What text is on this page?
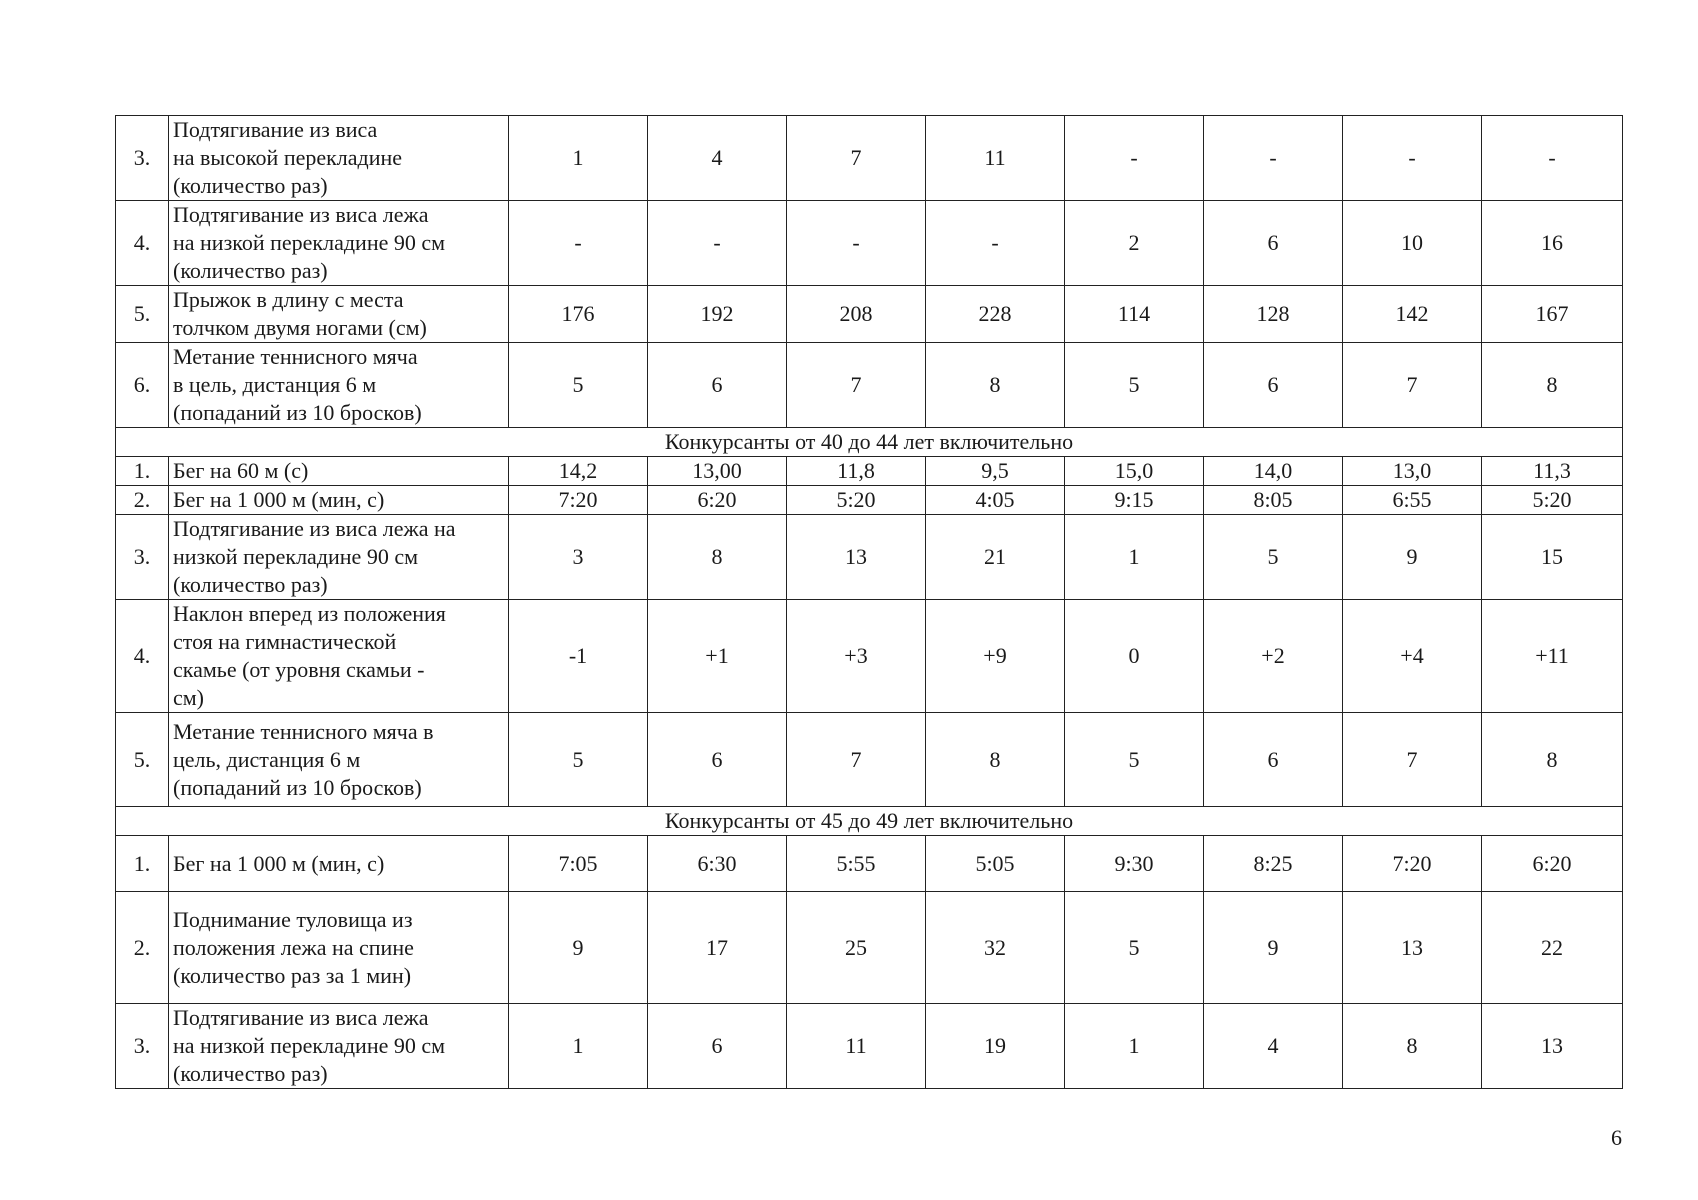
3.	Подтягивание из виса
на высокой перекладине
(количество раз)	1	4	7	11	-	-	-	-
4.	Подтягивание из виса лежа
на низкой перекладине 90 см
(количество раз)	-	-	-	-	2	6	10	16
5.	Прыжок в длину с места
толчком двумя ногами (см)	176	192	208	228	114	128	142	167
6.	Метание теннисного мяча
в цель, дистанция 6 м
(попаданий из 10 бросков)	5	6	7	8	5	6	7	8
Конкурсанты от 40 до 44 лет включительно									
1.	Бег на 60 м (с)	14,2	13,00	11,8	9,5	15,0	14,0	13,0	11,3
2.	Бег на 1 000 м (мин, с)	7:20	6:20	5:20	4:05	9:15	8:05	6:55	5:20
3.	Подтягивание из виса лежа на
низкой перекладине 90 см
(количество раз)	3	8	13	21	1	5	9	15
4.	Наклон вперед из положения
стоя на гимнастической
скамье (от уровня скамьи -
см)	-1	+1	+3	+9	0	+2	+4	+11
5.	Метание теннисного мяча в
цель, дистанция 6 м
(попаданий из 10 бросков)	5	6	7	8	5	6	7	8
Конкурсанты от 45 до 49 лет включительно									
1.	Бег на 1 000 м (мин, с)	7:05	6:30	5:55	5:05	9:30	8:25	7:20	6:20
2.	Поднимание туловища из
положения лежа на спине
(количество раз за 1 мин)	9	17	25	32	5	9	13	22
3.	Подтягивание из виса лежа
на низкой перекладине 90 см
(количество раз)	1	6	11	19	1	4	8	13
6
